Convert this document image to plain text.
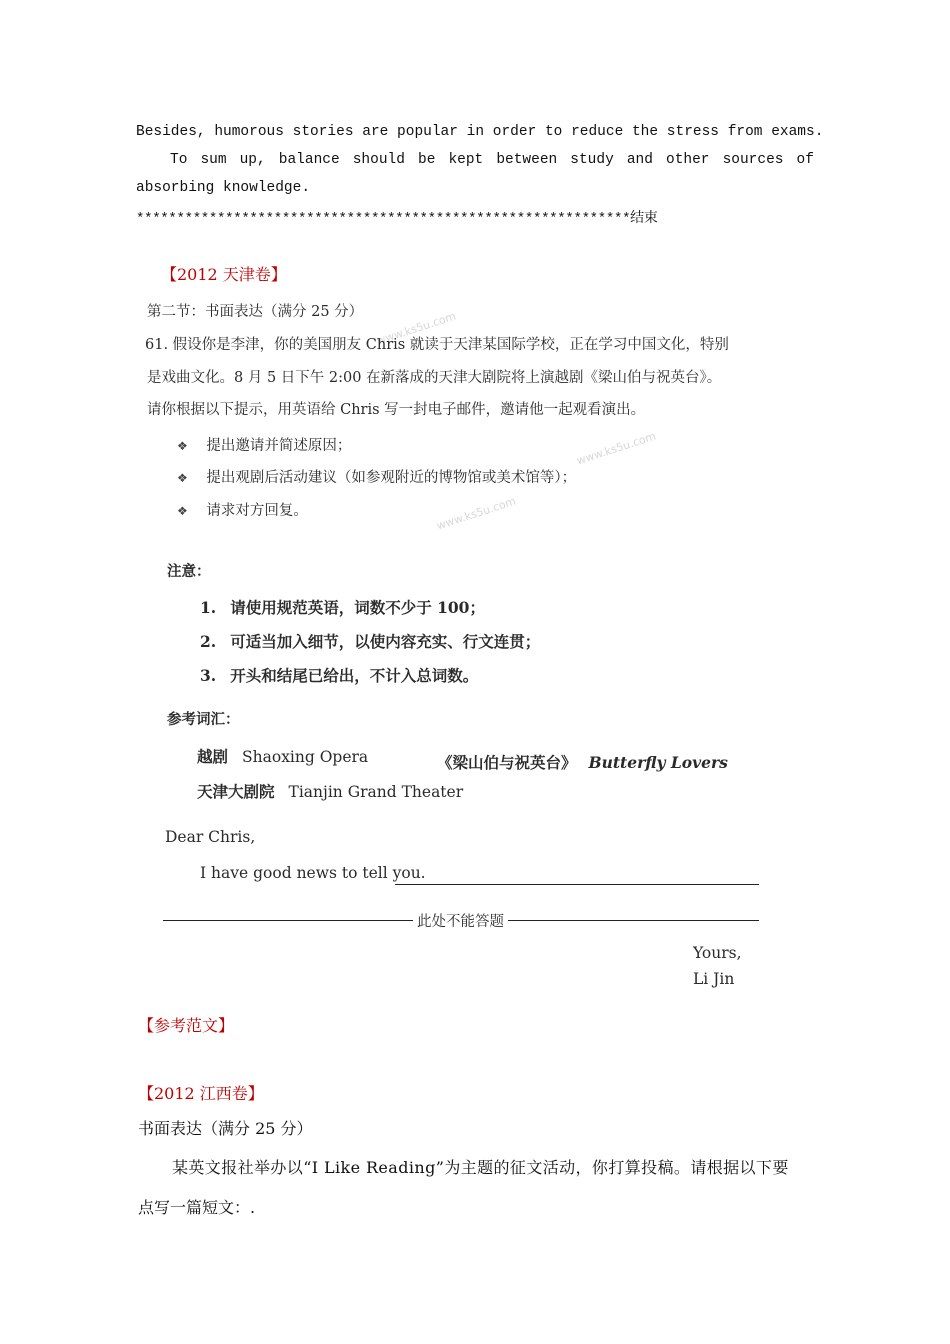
Besides, humorous stories are popular in order to reduce the stress from exams.
To sum up, balance should be kept between study and other sources of
absorbing knowledge.
*************************************************************结束
【2012 天津卷】
www.ks5u.com
www.ks5u.com
www.ks5u.com
第二节：书面表达（满分 25 分）
61. 假设你是李津，你的美国朋友 Chris 就读于天津某国际学校，正在学习中国文化，特别
是戏曲文化。8 月 5 日下午 2:00 在新落成的天津大剧院将上演越剧《梁山伯与祝英台》。
请你根据以下提示，用英语给 Chris 写一封电子邮件，邀请他一起观看演出。
❖ 提出邀请并简述原因；
❖ 提出观剧后活动建议（如参观附近的博物馆或美术馆等）；
❖ 请求对方回复。
注意：
1. 请使用规范英语，词数不少于 100；
2. 可适当加入细节，以使内容充实、行文连贯；
3. 开头和结尾已给出，不计入总词数。
参考词汇：
越剧 Shaoxing Opera	《梁山伯与祝英台》 Butterfly Lovers
天津大剧院 Tianjin Grand Theater
Dear Chris,
I have good news to tell you.
此处不能答题
Yours,
Li Jin
【参考范文】
【2012 江西卷】
书面表达（满分 25 分）
某英文报社举办以“I Like Reading”为主题的征文活动，你打算投稿。请根据以下要
点写一篇短文：.
